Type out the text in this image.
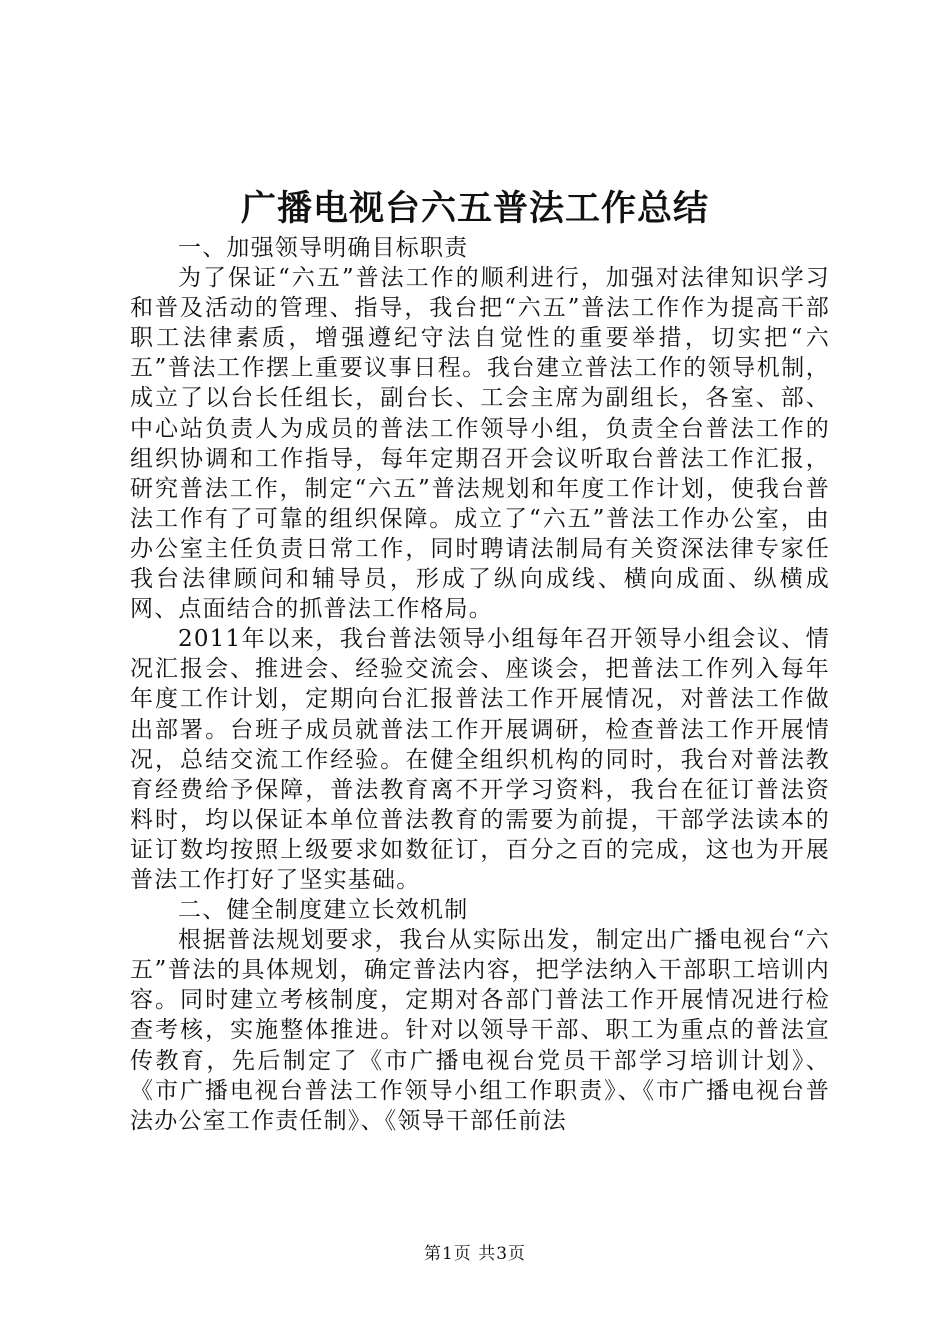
广播电视台六五普法工作总结

一、加强领导明确目标职责

为了保证“六五”普法工作的顺利进行，加强对法律知识学习和普及活动的管理、指导，我台把“六五”普法工作作为提高干部职工法律素质，增强遵纪守法自觉性的重要举措，切实把“六五”普法工作摆上重要议事日程。我台建立普法工作的领导机制，成立了以台长任组长，副台长、工会主席为副组长，各室、部、中心站负责人为成员的普法工作领导小组，负责全台普法工作的组织协调和工作指导，每年定期召开会议听取台普法工作汇报，研究普法工作，制定“六五”普法规划和年度工作计划，使我台普法工作有了可靠的组织保障。成立了“六五”普法工作办公室，由办公室主任负责日常工作，同时聘请法制局有关资深法律专家任我台法律顾问和辅导员，形成了纵向成线、横向成面、纵横成网、点面结合的抓普法工作格局。

2011年以来，我台普法领导小组每年召开领导小组会议、情况汇报会、推进会、经验交流会、座谈会，把普法工作列入每年年度工作计划，定期向台汇报普法工作开展情况，对普法工作做出部署。台班子成员就普法工作开展调研，检查普法工作开展情况，总结交流工作经验。在健全组织机构的同时，我台对普法教育经费给予保障，普法教育离不开学习资料，我台在征订普法资料时，均以保证本单位普法教育的需要为前提，干部学法读本的证订数均按照上级要求如数征订，百分之百的完成，这也为开展普法工作打好了坚实基础。

二、健全制度建立长效机制

根据普法规划要求，我台从实际出发，制定出广播电视台“六五”普法的具体规划，确定普法内容，把学法纳入干部职工培训内容。同时建立考核制度，定期对各部门普法工作开展情况进行检查考核，实施整体推进。针对以领导干部、职工为重点的普法宣传教育，先后制定了《市广播电视台党员干部学习培训计划》、《市广播电视台普法工作领导小组工作职责》、《市广播电视台普法办公室工作责任制》、《领导干部任前法

第1页 共3页
